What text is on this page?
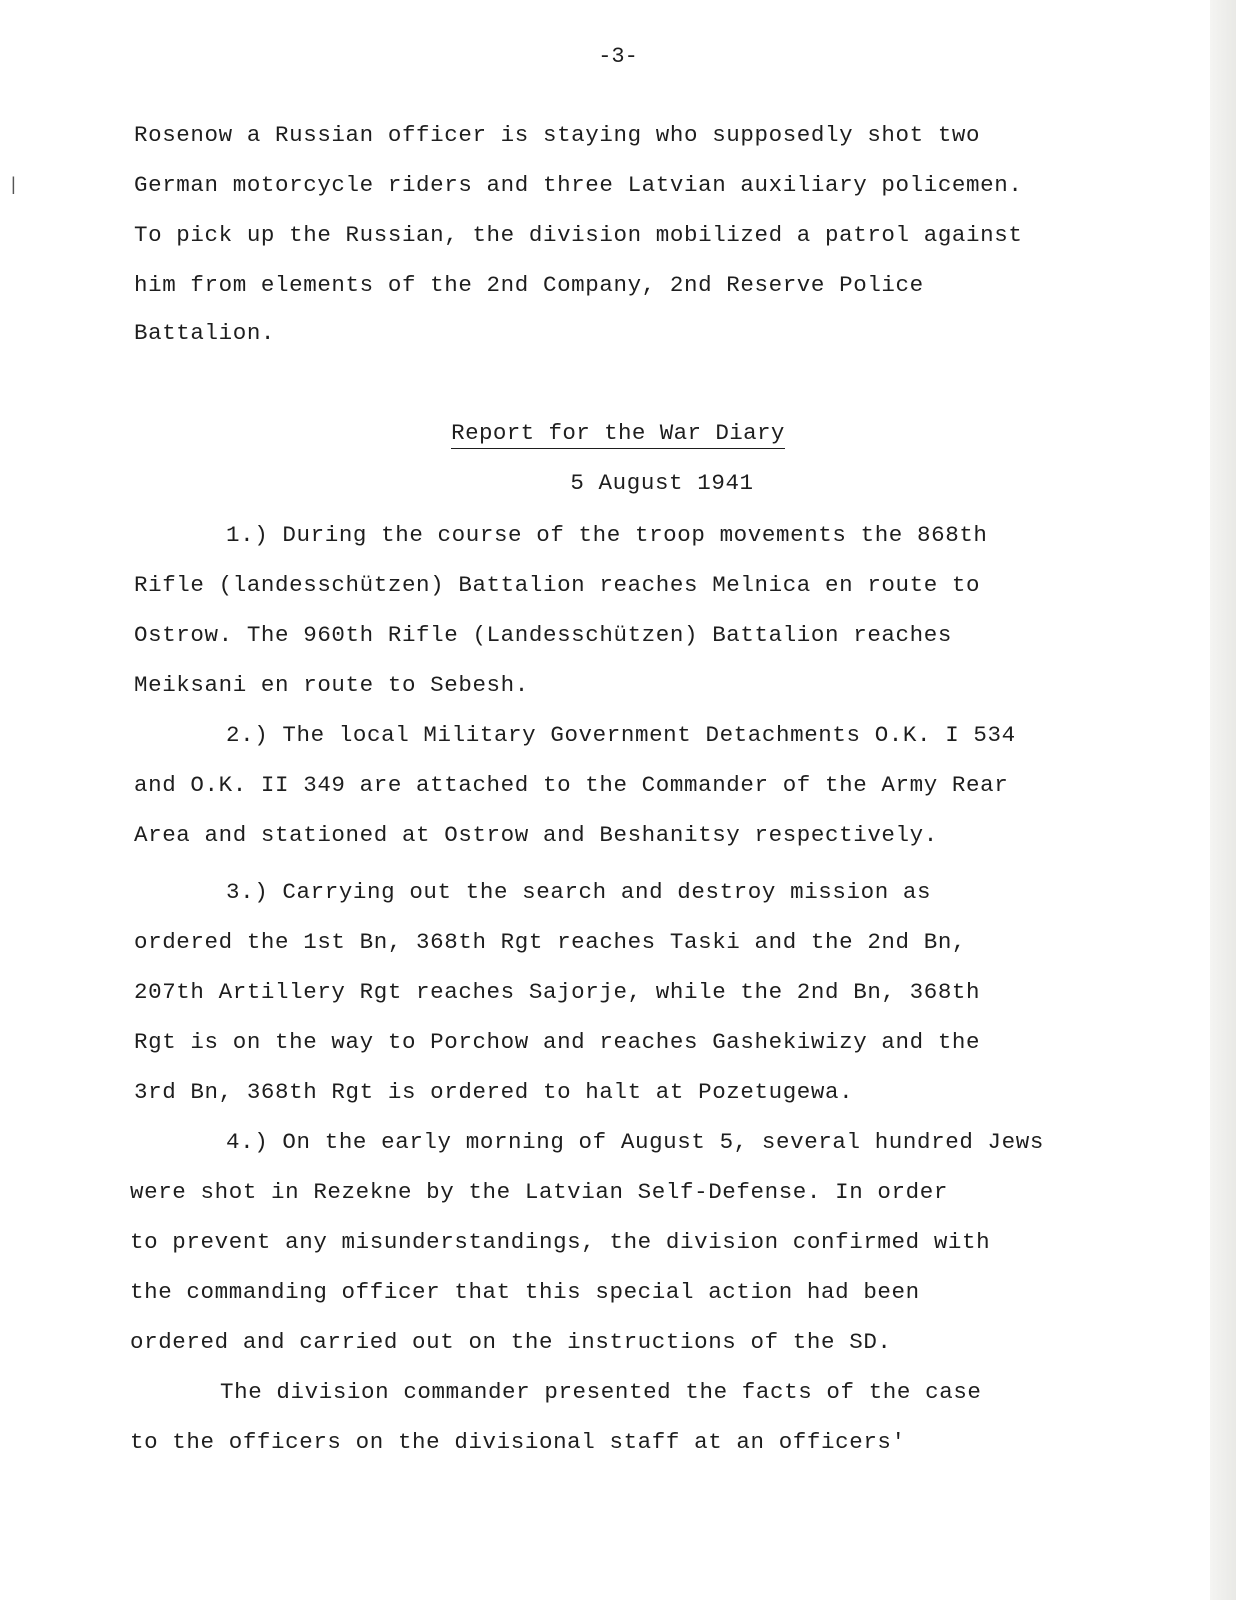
-3-
Rosenow a Russian officer is staying who supposedly shot two
German motorcycle riders and three Latvian auxiliary policemen.
To pick up the Russian, the division mobilized a patrol against
him from elements of the 2nd Company, 2nd Reserve Police
Battalion.
Report for the War Diary
5 August 1941
1.) During the course of the troop movements the 868th
Rifle (landesschützen) Battalion reaches Melnica en route to
Ostrow. The 960th Rifle (Landesschützen) Battalion reaches
Meiksani en route to Sebesh.
2.) The local Military Government Detachments O.K. I 534
and O.K. II 349 are attached to the Commander of the Army Rear
Area and stationed at Ostrow and Beshanitsy respectively.
3.) Carrying out the search and destroy mission as
ordered the 1st Bn, 368th Rgt reaches Taski and the 2nd Bn,
207th Artillery Rgt reaches Sajorje, while the 2nd Bn, 368th
Rgt is on the way to Porchow and reaches Gashekiwizy and the
3rd Bn, 368th Rgt is ordered to halt at Pozetugewa.
4.) On the early morning of August 5, several hundred Jews
were shot in Rezekne by the Latvian Self-Defense. In order
to prevent any misunderstandings, the division confirmed with
the commanding officer that this special action had been
ordered and carried out on the instructions of the SD.
The division commander presented the facts of the case
to the officers on the divisional staff at an officers'
|
